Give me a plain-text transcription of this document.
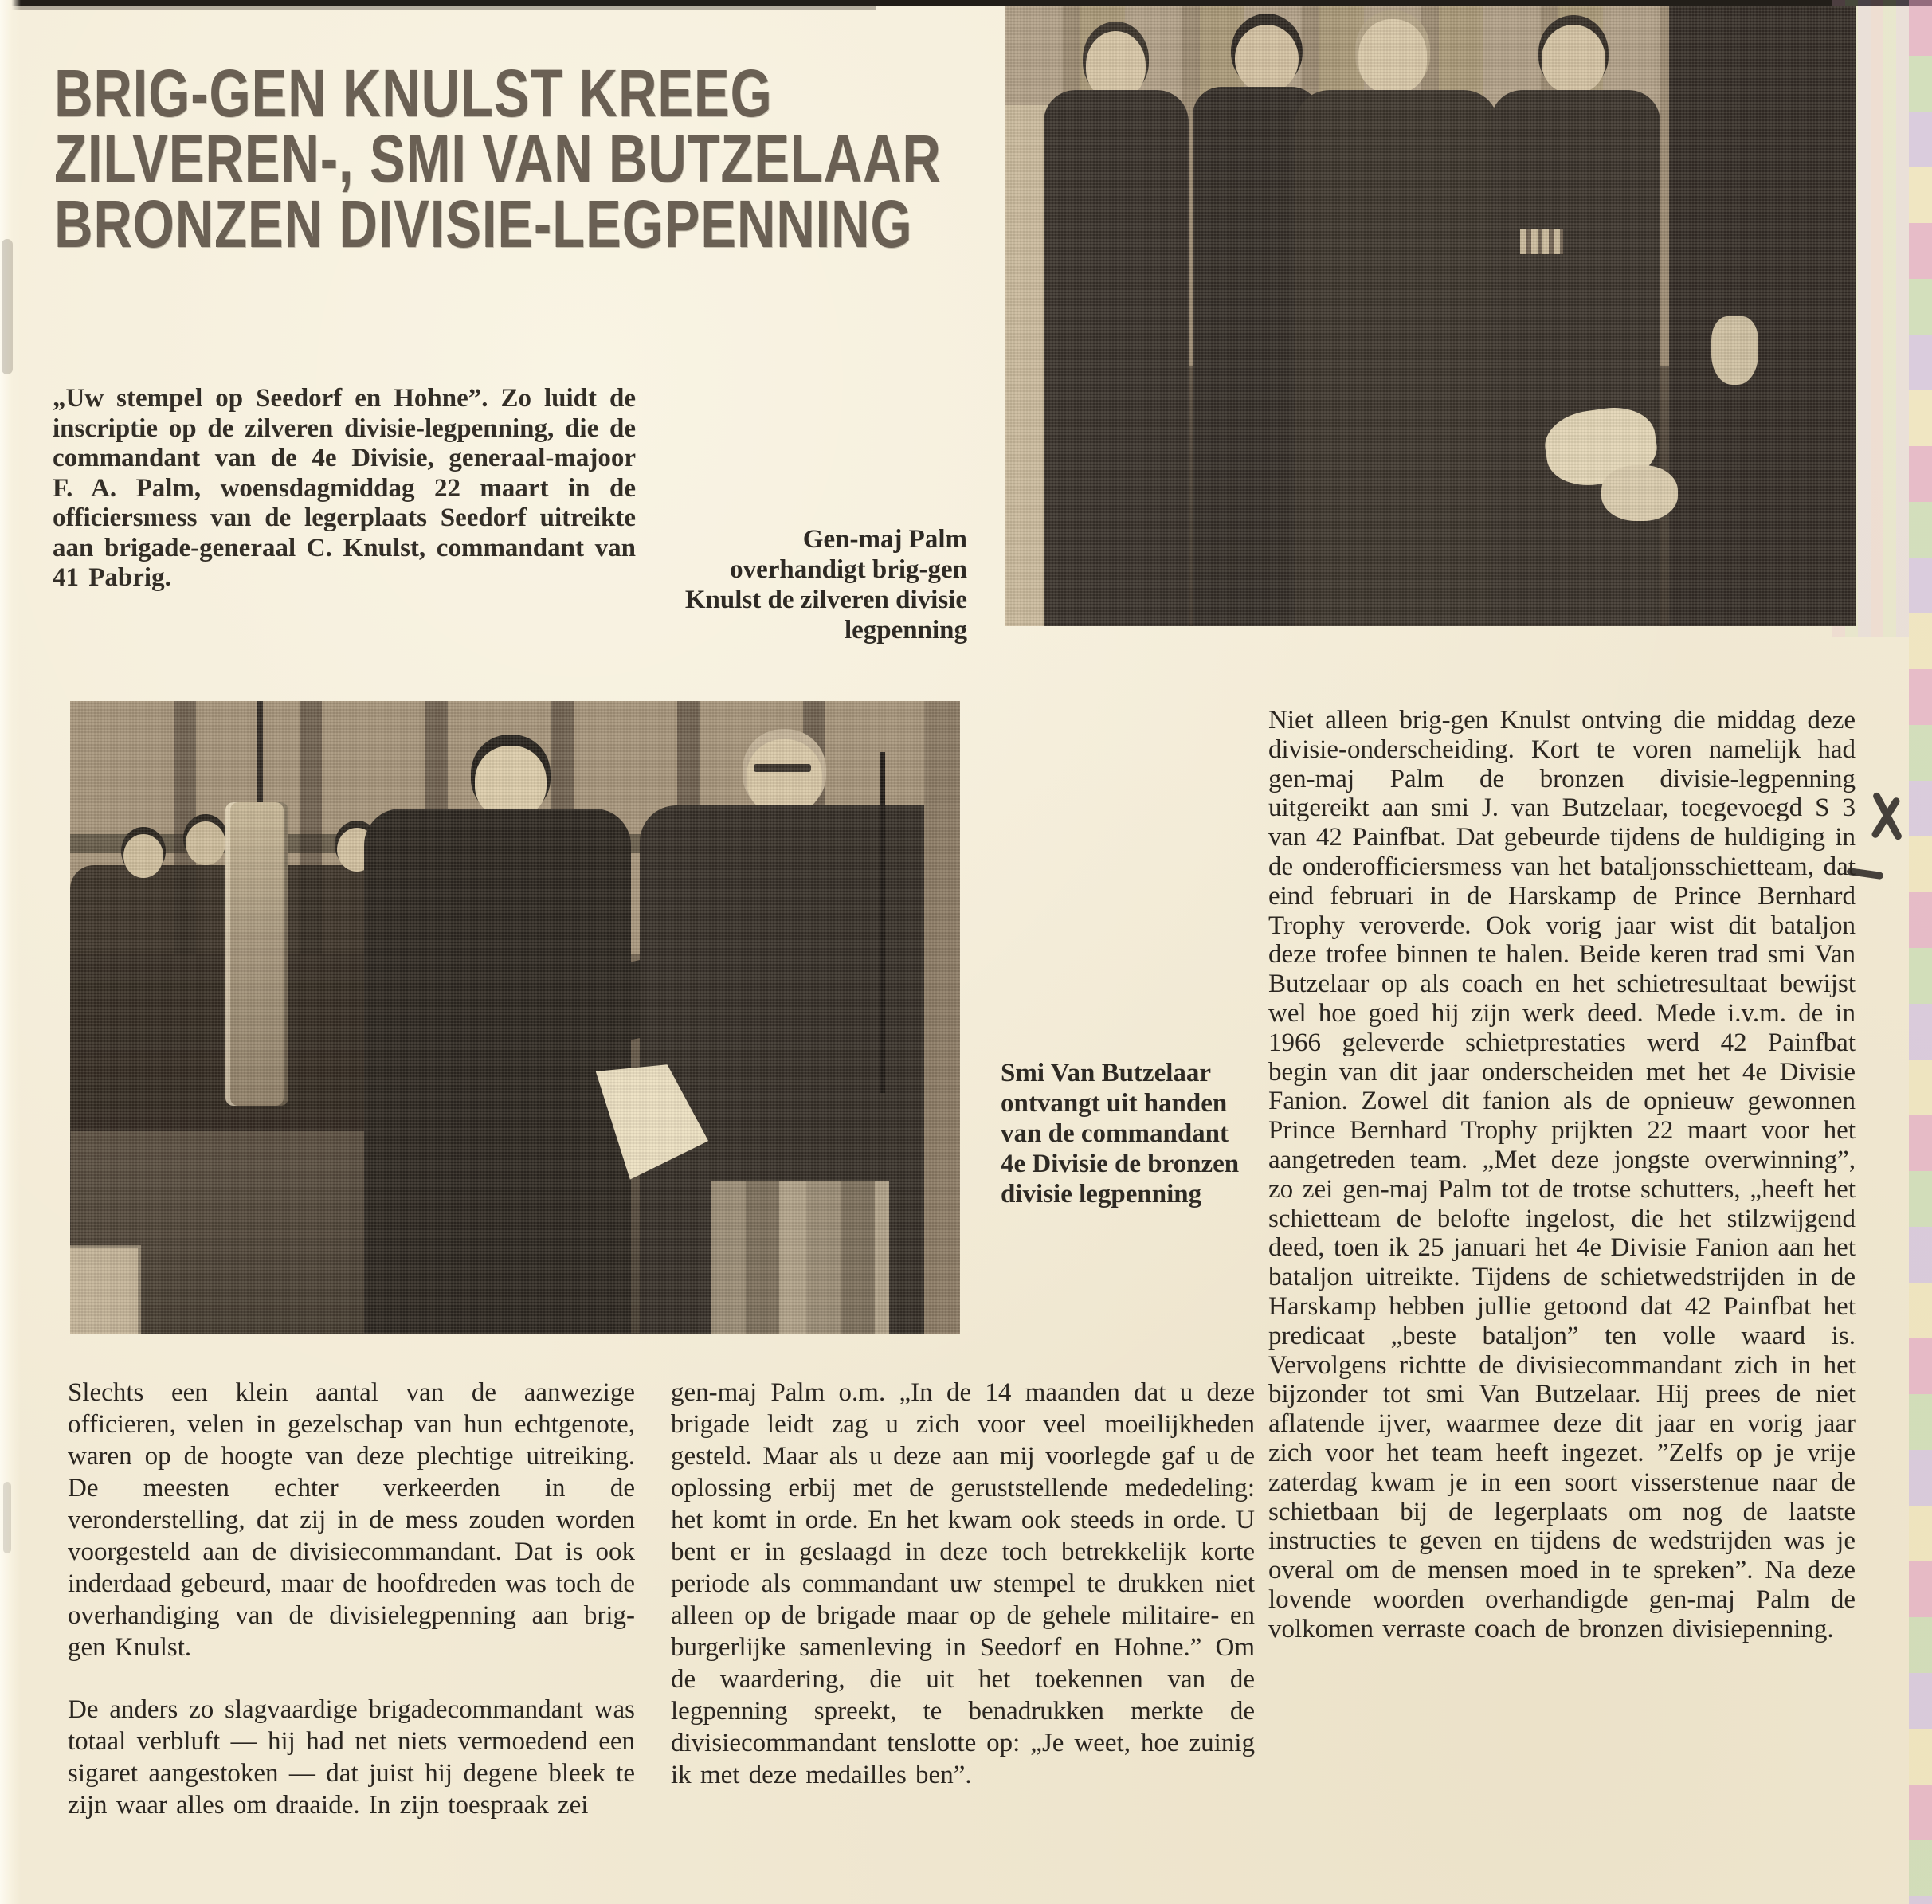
BRIG-GEN KNULST KREEG
ZILVEREN-, SMI VAN BUTZELAAR
BRONZEN DIVISIE-LEGPENNING
„Uw stempel op Seedorf en Hohne”. Zo luidt de inscriptie op de zilveren divisie-legpenning, die de commandant van de 4e Divisie, generaal-majoor F. A. Palm, woensdagmiddag 22 maart in de officiersmess van de legerplaats Seedorf uitreikte aan brigade-generaal C. Knulst, commandant van 41 Pabrig.
Gen-maj Palm overhandigt brig-gen Knulst de zilveren divisie legpenning
Smi Van Butzelaar ontvangt uit handen van de commandant 4e Divisie de bronzen divisie legpenning

Slechts een klein aantal van de aanwezige officieren, velen in gezelschap van hun echtgenote, waren op de hoogte van deze plechtige uitreiking. De meesten echter verkeerden in de veronderstelling, dat zij in de mess zouden worden voorgesteld aan de divisiecommandant. Dat is ook inderdaad gebeurd, maar de hoofdreden was toch de overhandiging van de divisielegpenning aan brig-gen Knulst.

De anders zo slagvaardige brigadecommandant was totaal verbluft — hij had net niets vermoedend een sigaret aangestoken — dat juist hij degene bleek te zijn waar alles om draaide. In zijn toespraak zei

gen-maj Palm o.m. „In de 14 maanden dat u deze brigade leidt zag u zich voor veel moeilijkheden gesteld. Maar als u deze aan mij voorlegde gaf u de oplossing erbij met de geruststellende mededeling: het komt in orde. En het kwam ook steeds in orde. U bent er in geslaagd in deze toch betrekkelijk korte periode als commandant uw stempel te drukken niet alleen op de brigade maar op de gehele militaire- en burgerlijke samenleving in Seedorf en Hohne.” Om de waardering, die uit het toekennen van de legpenning spreekt, te benadrukken merkte de divisiecommandant tenslotte op: „Je weet, hoe zuinig ik met deze medailles ben”.

Niet alleen brig-gen Knulst ontving die middag deze divisie-onderscheiding. Kort te voren namelijk had gen-maj Palm de bronzen divisie-legpenning uitgereikt aan smi J. van Butzelaar, toegevoegd S 3 van 42 Painfbat. Dat gebeurde tijdens de huldiging in de onderofficiersmess van het bataljonsschietteam, dat eind februari in de Harskamp de Prince Bernhard Trophy veroverde. Ook vorig jaar wist dit bataljon deze trofee binnen te halen. Beide keren trad smi Van Butzelaar op als coach en het schietresultaat bewijst wel hoe goed hij zijn werk deed. Mede i.v.m. de in 1966 geleverde schietprestaties werd 42 Painfbat begin van dit jaar onderscheiden met het 4e Divisie Fanion. Zowel dit fanion als de opnieuw gewonnen Prince Bernhard Trophy prijkten 22 maart voor het aangetreden team. „Met deze jongste overwinning”, zo zei gen-maj Palm tot de trotse schutters, „heeft het schietteam de belofte ingelost, die het stilzwijgend deed, toen ik 25 januari het 4e Divisie Fanion aan het bataljon uitreikte. Tijdens de schietwedstrijden in de Harskamp hebben jullie getoond dat 42 Painfbat het predicaat „beste bataljon” ten volle waard is. Vervolgens richtte de divisiecommandant zich in het bijzonder tot smi Van Butzelaar. Hij prees de niet aflatende ijver, waarmee deze dit jaar en vorig jaar zich voor het team heeft ingezet. ”Zelfs op je vrije zaterdag kwam je in een soort visserstenue naar de schietbaan bij de legerplaats om nog de laatste instructies te geven en tijdens de wedstrijden was je overal om de mensen moed in te spreken”. Na deze lovende woorden overhandigde gen-maj Palm de volkomen verraste coach de bronzen divisiepenning.
